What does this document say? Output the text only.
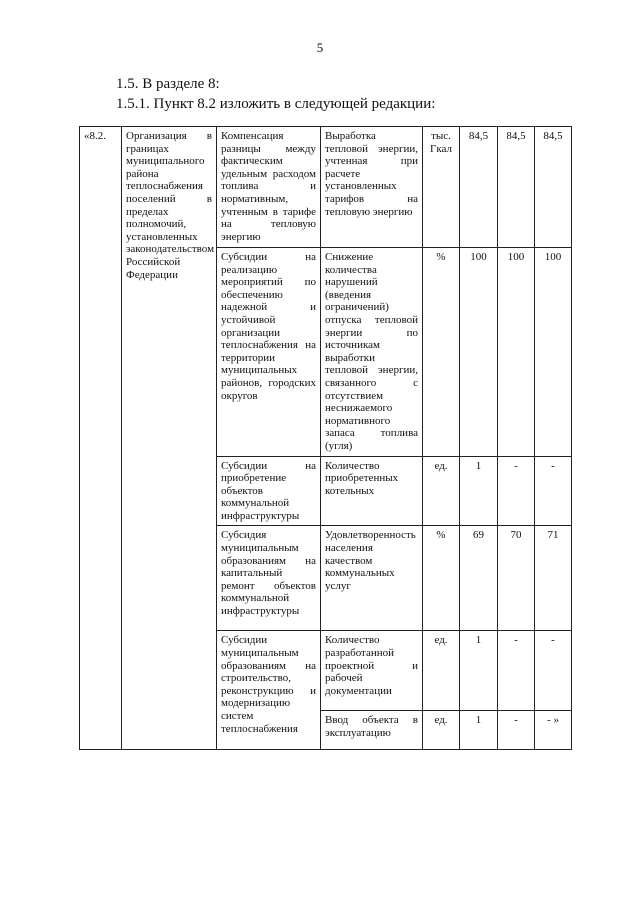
5
1.5. В разделе 8:
1.5.1. Пункт 8.2 изложить в следующей редакции:
«8.2.	Организация в границах муниципального района теплоснабжения поселений в пределах полномочий, установленных законодательством Российской Федерации	Компенсация разницы между фактическим удельным расходом топлива и нормативным, учтенным в тарифе на тепловую энергию	Выработка тепловой энергии, учтенная при расчете установленных тарифов на тепловую энергию	тыс. Гкал	84,5	84,5	84,5
		Субсидии на реализацию мероприятий по обеспечению надежной и устойчивой организации теплоснабжения на территории муниципальных районов, городских округов	Снижение количества нарушений (введения ограничений) отпуска тепловой энергии по источникам выработки тепловой энергии, связанного с отсутствием неснижаемого нормативного запаса топлива (угля)	%	100	100	100
		Субсидии на приобретение объектов коммунальной инфраструктуры	Количество приобретенных котельных	ед.	1	-	-
		Субсидия муниципальным образованиям на капитальный ремонт объектов коммунальной инфраструктуры	Удовлетворенность населения качеством коммунальных услуг	%	69	70	71
		Субсидии муниципальным образованиям на строительство, реконструкцию и модернизацию систем теплоснабжения	Количество разработанной проектной и рабочей документации	ед.	1	-	-
			Ввод объекта в эксплуатацию	ед.	1	-	- »
